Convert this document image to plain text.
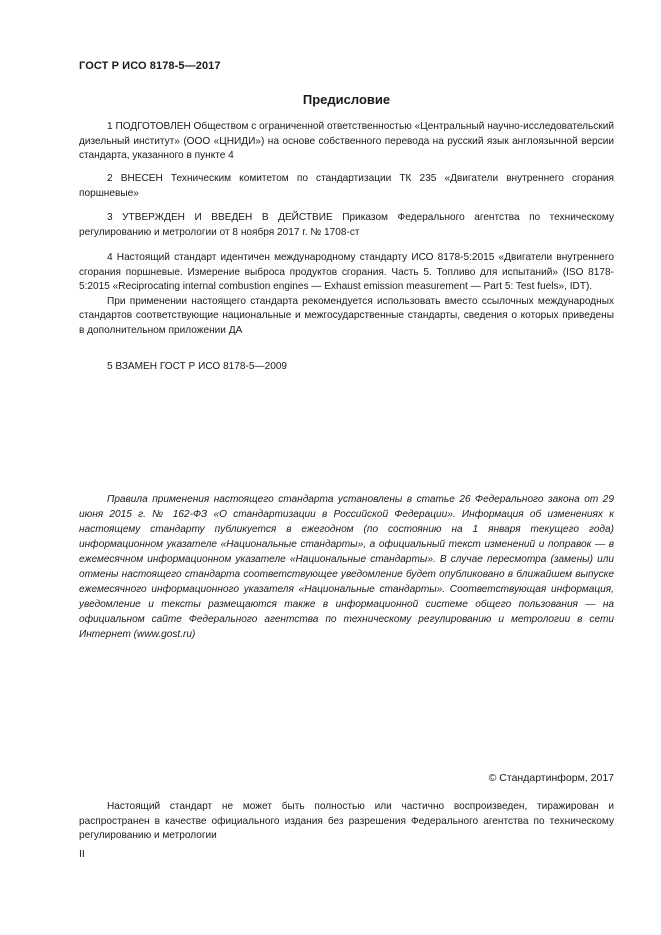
ГОСТ Р ИСО 8178-5—2017
Предисловие

1 ПОДГОТОВЛЕН Обществом с ограниченной ответственностью «Центральный научно-исследовательский дизельный институт» (ООО «ЦНИДИ») на основе собственного перевода на русский язык англоязычной версии стандарта, указанного в пункте 4

2 ВНЕСЕН Техническим комитетом по стандартизации ТК 235 «Двигатели внутреннего сгорания поршневые»

3 УТВЕРЖДЕН И ВВЕДЕН В ДЕЙСТВИЕ Приказом Федерального агентства по техническому регулированию и метрологии от 8 ноября 2017 г. № 1708-ст

4 Настоящий стандарт идентичен международному стандарту ИСО 8178-5:2015 «Двигатели внутреннего сгорания поршневые. Измерение выброса продуктов сгорания. Часть 5. Топливо для испытаний» (ISO 8178-5:2015 «Reciprocating internal combustion engines — Exhaust emission measurement — Part 5: Test fuels», IDT).

При применении настоящего стандарта рекомендуется использовать вместо ссылочных международных стандартов соответствующие национальные и межгосударственные стандарты, сведения о которых приведены в дополнительном приложении ДА

5 ВЗАМЕН ГОСТ Р ИСО 8178-5—2009

Правила применения настоящего стандарта установлены в статье 26 Федерального закона от 29 июня 2015 г. № 162-ФЗ «О стандартизации в Российской Федерации». Информация об изменениях к настоящему стандарту публикуется в ежегодном (по состоянию на 1 января текущего года) информационном указателе «Национальные стандарты», а официальный текст изменений и поправок — в ежемесячном информационном указателе «Национальные стандарты». В случае пересмотра (замены) или отмены настоящего стандарта соответствующее уведомление будет опубликовано в ближайшем выпуске ежемесячного информационного указателя «Национальные стандарты». Соответствующая информация, уведомление и тексты размещаются также в информационной системе общего пользования — на официальном сайте Федерального агентства по техническому регулированию и метрологии в сети Интернет (www.gost.ru)
© Стандартинформ, 2017
Настоящий стандарт не может быть полностью или частично воспроизведен, тиражирован и распространен в качестве официального издания без разрешения Федерального агентства по техническому регулированию и метрологии
II
